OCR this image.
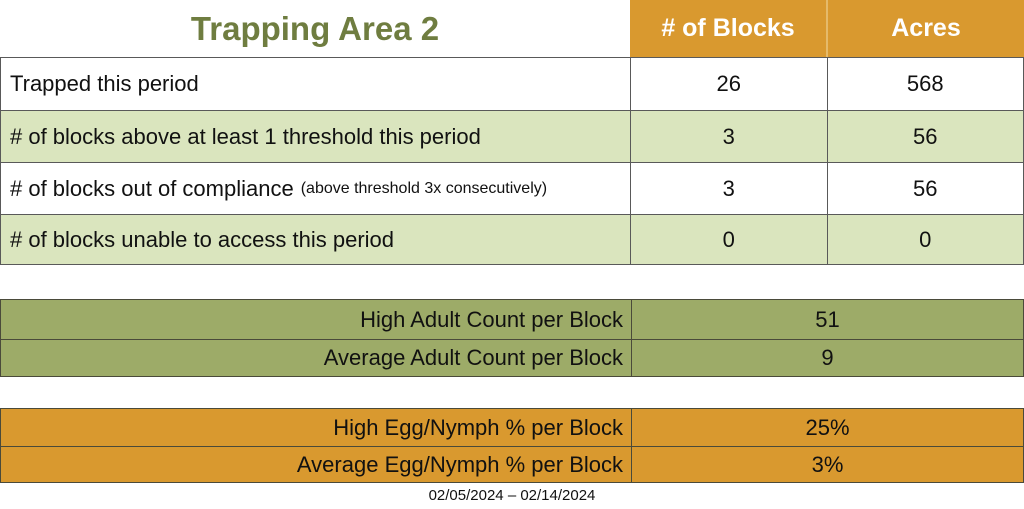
Trapping Area 2	# of Blocks	Acres
Trapped this period	26	568
# of blocks above at least 1 threshold this period	3	56
# of blocks out of compliance (above threshold 3x consecutively)	3	56
# of blocks unable to access this period	0	0
High Adult Count per Block	51
Average Adult Count per Block	9
High Egg/Nymph % per Block	25%
Average Egg/Nymph % per Block	3%
02/05/2024 – 02/14/2024
